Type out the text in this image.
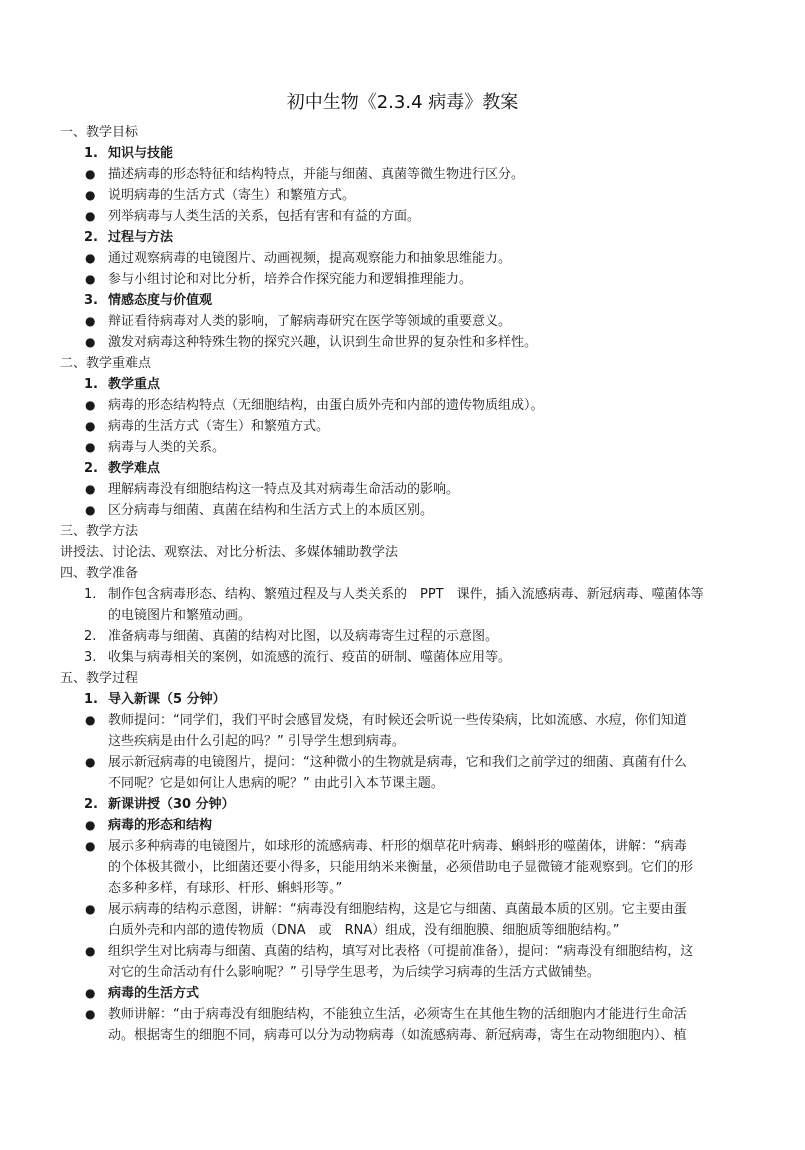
初中生物《2.3.4 病毒》教案
一、教学目标
1. 知识与技能
● 描述病毒的形态特征和结构特点，并能与细菌、真菌等微生物进行区分。
● 说明病毒的生活方式（寄生）和繁殖方式。
● 列举病毒与人类生活的关系，包括有害和有益的方面。
2. 过程与方法
● 通过观察病毒的电镜图片、动画视频，提高观察能力和抽象思维能力。
● 参与小组讨论和对比分析，培养合作探究能力和逻辑推理能力。
3. 情感态度与价值观
● 辩证看待病毒对人类的影响，了解病毒研究在医学等领域的重要意义。
● 激发对病毒这种特殊生物的探究兴趣，认识到生命世界的复杂性和多样性。
二、教学重难点
1. 教学重点
● 病毒的形态结构特点（无细胞结构，由蛋白质外壳和内部的遗传物质组成）。
● 病毒的生活方式（寄生）和繁殖方式。
● 病毒与人类的关系。
2. 教学难点
● 理解病毒没有细胞结构这一特点及其对病毒生命活动的影响。
● 区分病毒与细菌、真菌在结构和生活方式上的本质区别。
三、教学方法
讲授法、讨论法、观察法、对比分析法、多媒体辅助教学法
四、教学准备
1. 制作包含病毒形态、结构、繁殖过程及与人类关系的　PPT　课件，插入流感病毒、新冠病毒、噬菌体等
的电镜图片和繁殖动画。
2. 准备病毒与细菌、真菌的结构对比图，以及病毒寄生过程的示意图。
3. 收集与病毒相关的案例，如流感的流行、疫苗的研制、噬菌体应用等。
五、教学过程
1. 导入新课（5 分钟）
● 教师提问：“同学们，我们平时会感冒发烧，有时候还会听说一些传染病，比如流感、水痘，你们知道
这些疾病是由什么引起的吗？” 引导学生想到病毒。
● 展示新冠病毒的电镜图片，提问：“这种微小的生物就是病毒，它和我们之前学过的细菌、真菌有什么
不同呢？它是如何让人患病的呢？” 由此引入本节课主题。
2. 新课讲授（30 分钟）
● 病毒的形态和结构
● 展示多种病毒的电镜图片，如球形的流感病毒、杆形的烟草花叶病毒、蝌蚪形的噬菌体，讲解：“病毒
的个体极其微小，比细菌还要小得多，只能用纳米来衡量，必须借助电子显微镜才能观察到。它们的形
态多种多样，有球形、杆形、蝌蚪形等。”
● 展示病毒的结构示意图，讲解：“病毒没有细胞结构，这是它与细菌、真菌最本质的区别。它主要由蛋
白质外壳和内部的遗传物质（DNA　或　RNA）组成，没有细胞膜、细胞质等细胞结构。”
● 组织学生对比病毒与细菌、真菌的结构，填写对比表格（可提前准备），提问：“病毒没有细胞结构，这
对它的生命活动有什么影响呢？” 引导学生思考，为后续学习病毒的生活方式做铺垫。
● 病毒的生活方式
● 教师讲解：“由于病毒没有细胞结构，不能独立生活，必须寄生在其他生物的活细胞内才能进行生命活
动。根据寄生的细胞不同，病毒可以分为动物病毒（如流感病毒、新冠病毒，寄生在动物细胞内）、植
